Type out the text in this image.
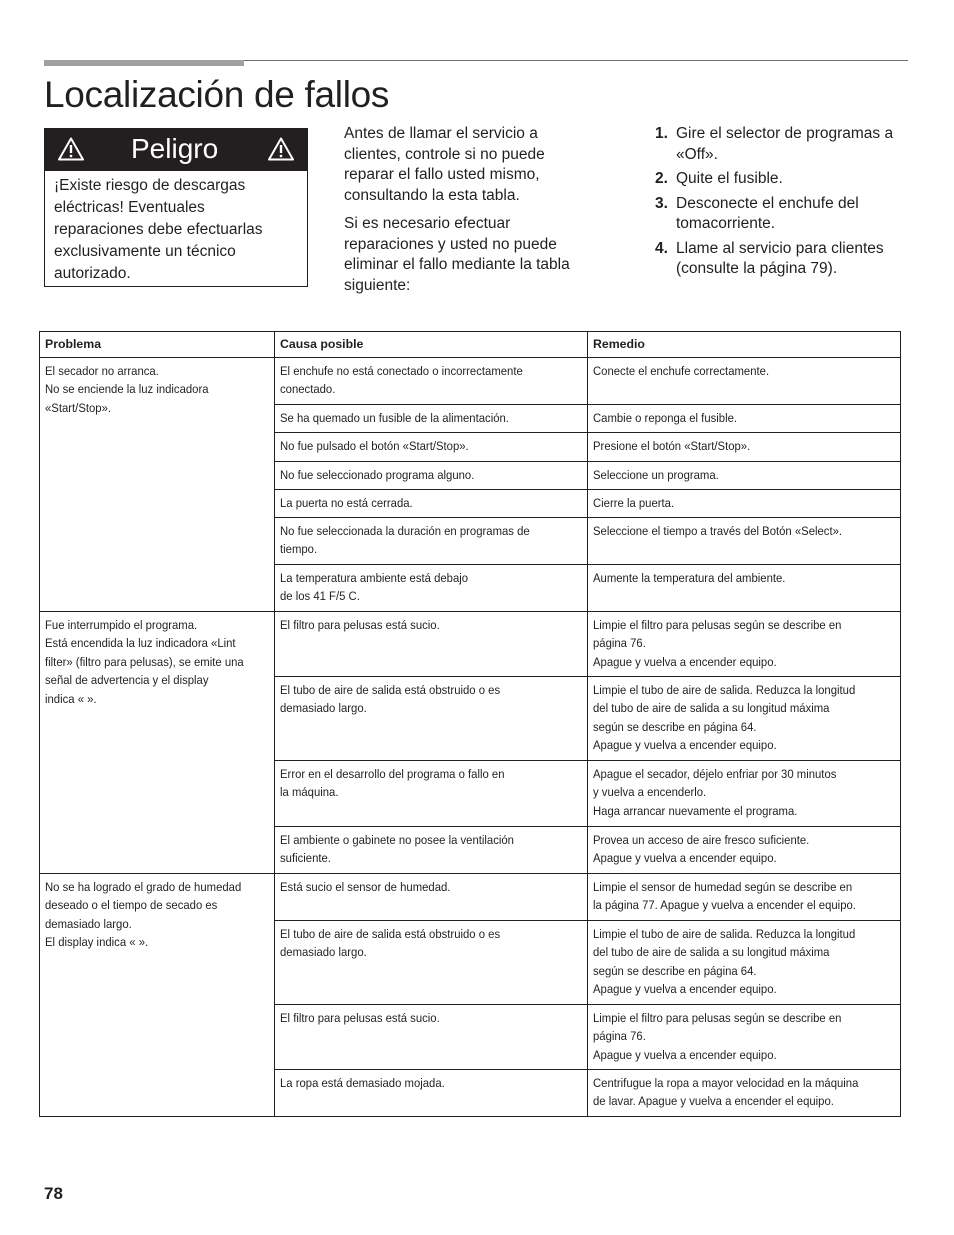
Localización de fallos
Peligro
¡Existe riesgo de descargas eléctricas! Eventuales reparaciones debe efectuarlas exclusivamente un técnico autorizado.

Antes de llamar el servicio a clientes, controle si no puede reparar el fallo usted mismo, consultando la esta tabla.

Si es necesario efectuar reparaciones y usted no puede eliminar el fallo mediante la tabla siguiente:

1. Gire el selector de programas a «Off».
2. Quite el fusible.
3. Desconecte el enchufe del tomacorriente.
4. Llame al servicio para clientes (consulte la página 79).
Problema	Causa posible	Remedio

El secador no arranca.
No se enciende la luz indicadora
«Start/Stop».	El enchufe no está conectado o incorrectamente
conectado.	Conecte el enchufe correctamente.

	Se ha quemado un fusible de la alimentación.	Cambie o reponga el fusible.

	No fue pulsado el botón «Start/Stop».	Presione el botón «Start/Stop».

	No fue seleccionado programa alguno.	Seleccione un programa.

	La puerta no está cerrada.	Cierre la puerta.

	No fue seleccionada la duración en programas de
tiempo.	Seleccione el tiempo a través del Botón «Select».

	La temperatura ambiente está debajo
de los 41 F/5 C.	Aumente la temperatura del ambiente.

Fue interrumpido el programa.
Está encendida la luz indicadora «Lint
filter» (filtro para pelusas), se emite una
señal de advertencia y el display
indica « ».	El filtro para pelusas está sucio.	Limpie el filtro para pelusas según se describe en
página 76.
Apague y vuelva a encender equipo.

	El tubo de aire de salida está obstruido o es
demasiado largo.	Limpie el tubo de aire de salida. Reduzca la longitud
del tubo de aire de salida a su longitud máxima
según se describe en página 64.
Apague y vuelva a encender equipo.

	Error en el desarrollo del programa o fallo en
la máquina.	Apague el secador, déjelo enfriar por 30 minutos
y vuelva a encenderlo.
Haga arrancar nuevamente el programa.

	El ambiente o gabinete no posee la ventilación
suficiente.	Provea un acceso de aire fresco suficiente.
Apague y vuelva a encender equipo.

No se ha logrado el grado de humedad
deseado o el tiempo de secado es
demasiado largo.
El display indica « ».	Está sucio el sensor de humedad.	Limpie el sensor de humedad según se describe en
la página 77. Apague y vuelva a encender el equipo.

	El tubo de aire de salida está obstruido o es
demasiado largo.	Limpie el tubo de aire de salida. Reduzca la longitud
del tubo de aire de salida a su longitud máxima
según se describe en página 64.
Apague y vuelva a encender equipo.

	El filtro para pelusas está sucio.	Limpie el filtro para pelusas según se describe en
página 76.
Apague y vuelva a encender equipo.

	La ropa está demasiado mojada.	Centrifugue la ropa a mayor velocidad en la máquina
de lavar. Apague y vuelva a encender el equipo.
78
